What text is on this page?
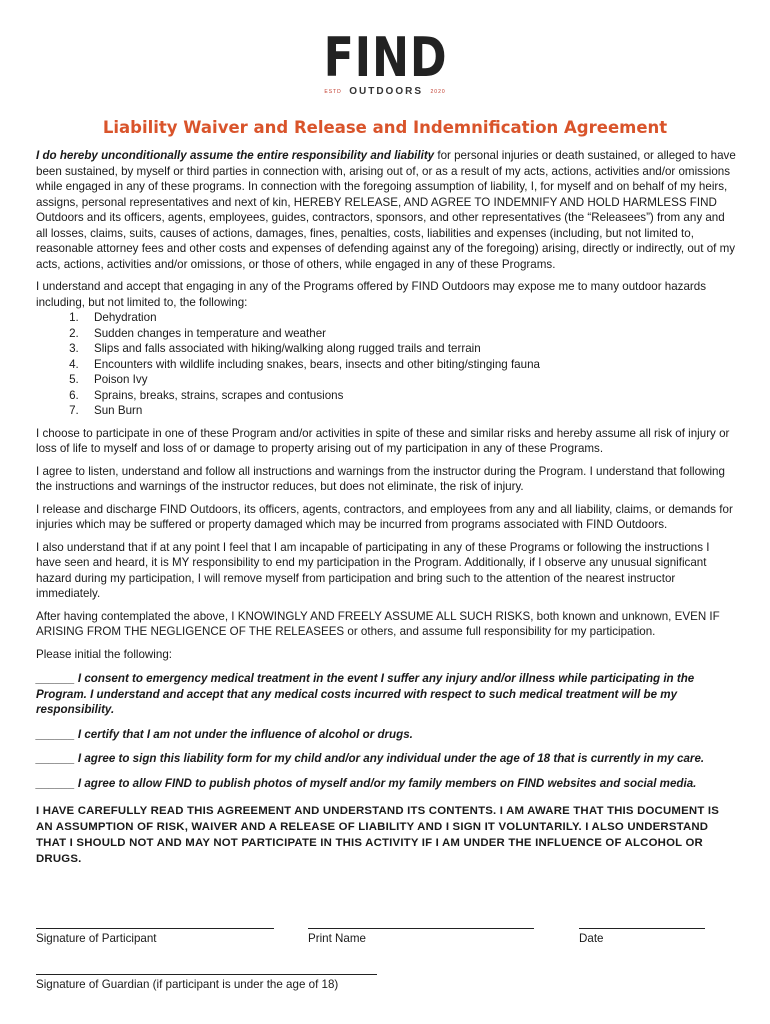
FIND
ESTD OUTDOORS 2020
Liability Waiver and Release and Indemnification Agreement

I do hereby unconditionally assume the entire responsibility and liability for personal injuries or death sustained, or alleged to have been sustained, by myself or third parties in connection with, arising out of, or as a result of my acts, actions, activities and/or omissions while engaged in any of these programs. In connection with the foregoing assumption of liability, I, for myself and on behalf of my heirs, assigns, personal representatives and next of kin, HEREBY RELEASE, AND AGREE TO INDEMNIFY AND HOLD HARMLESS FIND Outdoors and its officers, agents, employees, guides, contractors, sponsors, and other representatives (the “Releasees”) from any and all losses, claims, suits, causes of actions, damages, fines, penalties, costs, liabilities and expenses (including, but not limited to, reasonable attorney fees and other costs and expenses of defending against any of the foregoing) arising, directly or indirectly, out of my acts, actions, activities and/or omissions, or those of others, while engaged in any of these Programs.

I understand and accept that engaging in any of the Programs offered by FIND Outdoors may expose me to many outdoor hazards including, but not limited to, the following:

1. Dehydration
2. Sudden changes in temperature and weather
3. Slips and falls associated with hiking/walking along rugged trails and terrain
4. Encounters with wildlife including snakes, bears, insects and other biting/stinging fauna
5. Poison Ivy
6. Sprains, breaks, strains, scrapes and contusions
7. Sun Burn

I choose to participate in one of these Program and/or activities in spite of these and similar risks and hereby assume all risk of injury or loss of life to myself and loss of or damage to property arising out of my participation in any of these Programs.

I agree to listen, understand and follow all instructions and warnings from the instructor during the Program. I understand that following the instructions and warnings of the instructor reduces, but does not eliminate, the risk of injury.

I release and discharge FIND Outdoors, its officers, agents, contractors, and employees from any and all liability, claims, or demands for injuries which may be suffered or property damaged which may be incurred from programs associated with FIND Outdoors.

I also understand that if at any point I feel that I am incapable of participating in any of these Programs or following the instructions I have seen and heard, it is MY responsibility to end my participation in the Program. Additionally, if I observe any unusual significant hazard during my participation, I will remove myself from participation and bring such to the attention of the nearest instructor immediately.

After having contemplated the above, I KNOWINGLY AND FREELY ASSUME ALL SUCH RISKS, both known and unknown, EVEN IF ARISING FROM THE NEGLIGENCE OF THE RELEASEES or others, and assume full responsibility for my participation.

Please initial the following:

______ I consent to emergency medical treatment in the event I suffer any injury and/or illness while participating in the Program. I understand and accept that any medical costs incurred with respect to such medical treatment will be my responsibility.

______ I certify that I am not under the influence of alcohol or drugs.

______ I agree to sign this liability form for my child and/or any individual under the age of 18 that is currently in my care.

______ I agree to allow FIND to publish photos of myself and/or my family members on FIND websites and social media.

I HAVE CAREFULLY READ THIS AGREEMENT AND UNDERSTAND ITS CONTENTS. I AM AWARE THAT THIS DOCUMENT IS AN ASSUMPTION OF RISK, WAIVER AND A RELEASE OF LIABILITY AND I SIGN IT VOLUNTARILY. I ALSO UNDERSTAND THAT I SHOULD NOT AND MAY NOT PARTICIPATE IN THIS ACTIVITY IF I AM UNDER THE INFLUENCE OF ALCOHOL OR DRUGS.

Signature of Participant	Print Name	Date
Signature of Guardian (if participant is under the age of 18)
